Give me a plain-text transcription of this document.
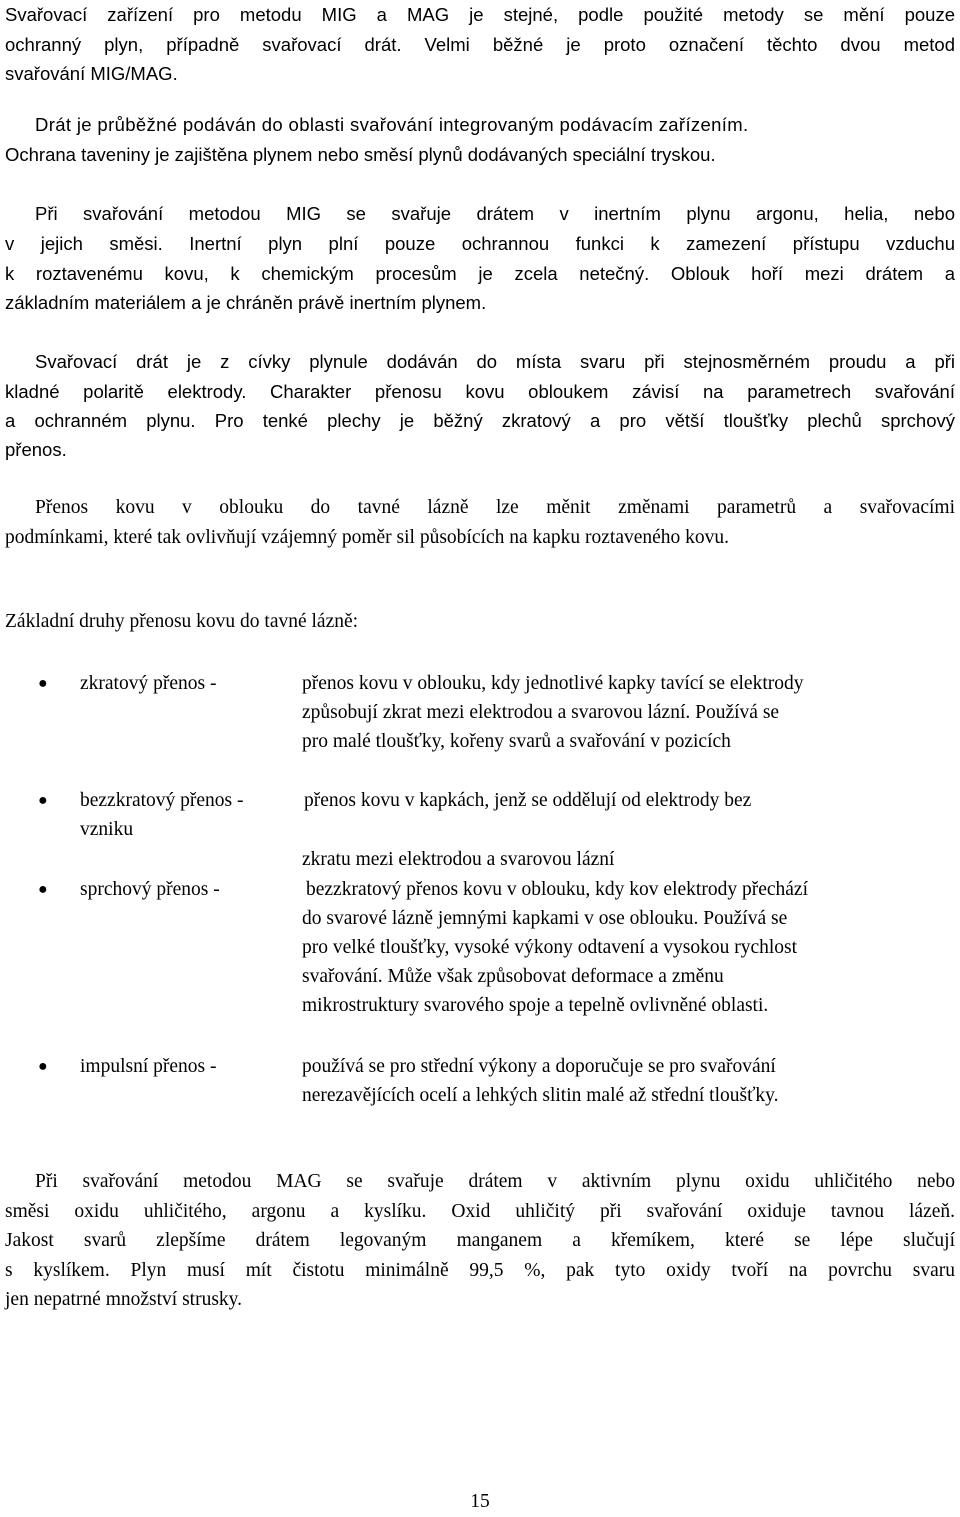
Svařovací zařízení pro metodu MIG a MAG je stejné, podle použité metody se mění pouze
ochranný plyn, případně svařovací drát. Velmi běžné je proto označení těchto dvou metod
svařování MIG/MAG.
Drát je průběžné podáván do oblasti svařování integrovaným podávacím zařízením.
Ochrana taveniny je zajištěna plynem nebo směsí plynů dodávaných speciální tryskou.
Při svařování metodou MIG se svařuje drátem v inertním plynu argonu, helia, nebo
v jejich směsi. Inertní plyn plní pouze ochrannou funkci k zamezení přístupu vzduchu
k roztavenému kovu, k chemickým procesům je zcela netečný. Oblouk hoří mezi drátem a
základním materiálem a je chráněn právě inertním plynem.
Svařovací drát je z cívky plynule dodáván do místa svaru při stejnosměrném proudu a při
kladné polaritě elektrody. Charakter přenosu kovu obloukem závisí na parametrech svařování
a ochranném plynu. Pro tenké plechy je běžný zkratový a pro větší tloušťky plechů sprchový
přenos.
Přenos kovu v oblouku do tavné lázně lze měnit změnami parametrů a svařovacími
podmínkami, které tak ovlivňují vzájemný poměr sil působících na kapku roztaveného kovu.
Základní druhy přenosu kovu do tavné lázně:
● zkratový přenos -	přenos kovu v oblouku, kdy jednotlivé kapky tavící se elektrody
způsobují zkrat mezi elektrodou a svarovou lázní. Používá se
pro malé tloušťky, kořeny svarů a svařování v pozicích
● bezzkratový přenos -	přenos kovu v kapkách, jenž se oddělují od elektrody bez
vzniku
zkratu mezi elektrodou a svarovou lázní
● sprchový přenos -	bezzkratový přenos kovu v oblouku, kdy kov elektrody přechází
do svarové lázně jemnými kapkami v ose oblouku. Používá se
pro velké tloušťky, vysoké výkony odtavení a vysokou rychlost
svařování. Může však způsobovat deformace a změnu
mikrostruktury svarového spoje a tepelně ovlivněné oblasti.
● impulsní přenos -	používá se pro střední výkony a doporučuje se pro svařování
nerezavějících ocelí a lehkých slitin malé až střední tloušťky.
Při svařování metodou MAG se svařuje drátem v aktivním plynu oxidu uhličitého nebo
směsi oxidu uhličitého, argonu a kyslíku. Oxid uhličitý při svařování oxiduje tavnou lázeň.
Jakost svarů zlepšíme drátem legovaným manganem a křemíkem, které se lépe slučují
s kyslíkem. Plyn musí mít čistotu minimálně 99,5 %, pak tyto oxidy tvoří na povrchu svaru
jen nepatrné množství strusky.
15
